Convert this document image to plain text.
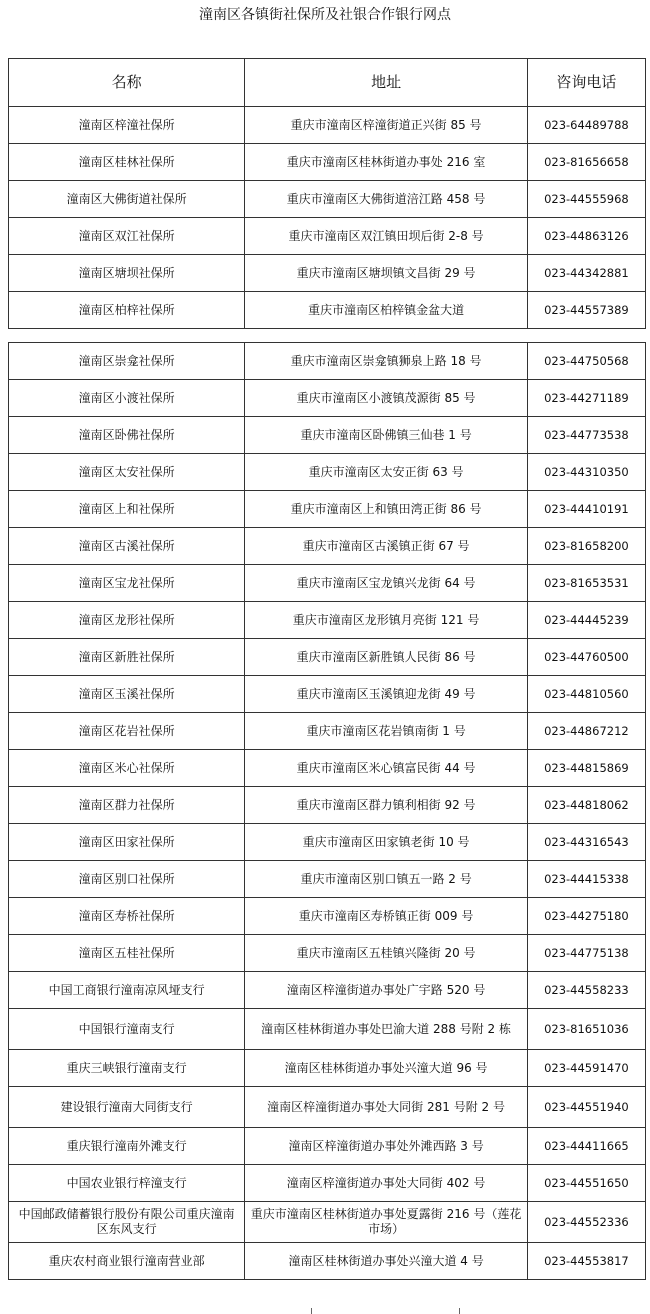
潼南区各镇街社保所及社银合作银行网点
名称	地址	咨询电话
潼南区梓潼社保所	重庆市潼南区梓潼街道正兴街 85 号	023-64489788
潼南区桂林社保所	重庆市潼南区桂林街道办事处 216 室	023-81656658
潼南区大佛街道社保所	重庆市潼南区大佛街道涪江路 458 号	023-44555968
潼南区双江社保所	重庆市潼南区双江镇田坝后街 2-8 号	023-44863126
潼南区塘坝社保所	重庆市潼南区塘坝镇文昌街 29 号	023-44342881
潼南区柏梓社保所	重庆市潼南区柏梓镇金盆大道	023-44557389
潼南区崇龛社保所	重庆市潼南区崇龛镇狮泉上路 18 号	023-44750568
潼南区小渡社保所	重庆市潼南区小渡镇茂源街 85 号	023-44271189
潼南区卧佛社保所	重庆市潼南区卧佛镇三仙巷 1 号	023-44773538
潼南区太安社保所	重庆市潼南区太安正街 63 号	023-44310350
潼南区上和社保所	重庆市潼南区上和镇田湾正街 86 号	023-44410191
潼南区古溪社保所	重庆市潼南区古溪镇正街 67 号	023-81658200
潼南区宝龙社保所	重庆市潼南区宝龙镇兴龙街 64 号	023-81653531
潼南区龙形社保所	重庆市潼南区龙形镇月亮街 121 号	023-44445239
潼南区新胜社保所	重庆市潼南区新胜镇人民街 86 号	023-44760500
潼南区玉溪社保所	重庆市潼南区玉溪镇迎龙街 49 号	023-44810560
潼南区花岩社保所	重庆市潼南区花岩镇南街 1 号	023-44867212
潼南区米心社保所	重庆市潼南区米心镇富民街 44 号	023-44815869
潼南区群力社保所	重庆市潼南区群力镇利相街 92 号	023-44818062
潼南区田家社保所	重庆市潼南区田家镇老街 10 号	023-44316543
潼南区别口社保所	重庆市潼南区别口镇五一路 2 号	023-44415338
潼南区寿桥社保所	重庆市潼南区寿桥镇正街 009 号	023-44275180
潼南区五桂社保所	重庆市潼南区五桂镇兴隆街 20 号	023-44775138
中国工商银行潼南凉风垭支行	潼南区梓潼街道办事处广宇路 520 号	023-44558233
中国银行潼南支行	潼南区桂林街道办事处巴渝大道 288 号附 2 栋	023-81651036
重庆三峡银行潼南支行	潼南区桂林街道办事处兴潼大道 96 号	023-44591470
建设银行潼南大同街支行	潼南区梓潼街道办事处大同街 281 号附 2 号	023-44551940
重庆银行潼南外滩支行	潼南区梓潼街道办事处外滩西路 3 号	023-44411665
中国农业银行梓潼支行	潼南区梓潼街道办事处大同街 402 号	023-44551650
中国邮政储蓄银行股份有限公司重庆潼南区东风支行	重庆市潼南区桂林街道办事处夏露街 216 号（莲花市场）	023-44552336
重庆农村商业银行潼南营业部	潼南区桂林街道办事处兴潼大道 4 号	023-44553817
